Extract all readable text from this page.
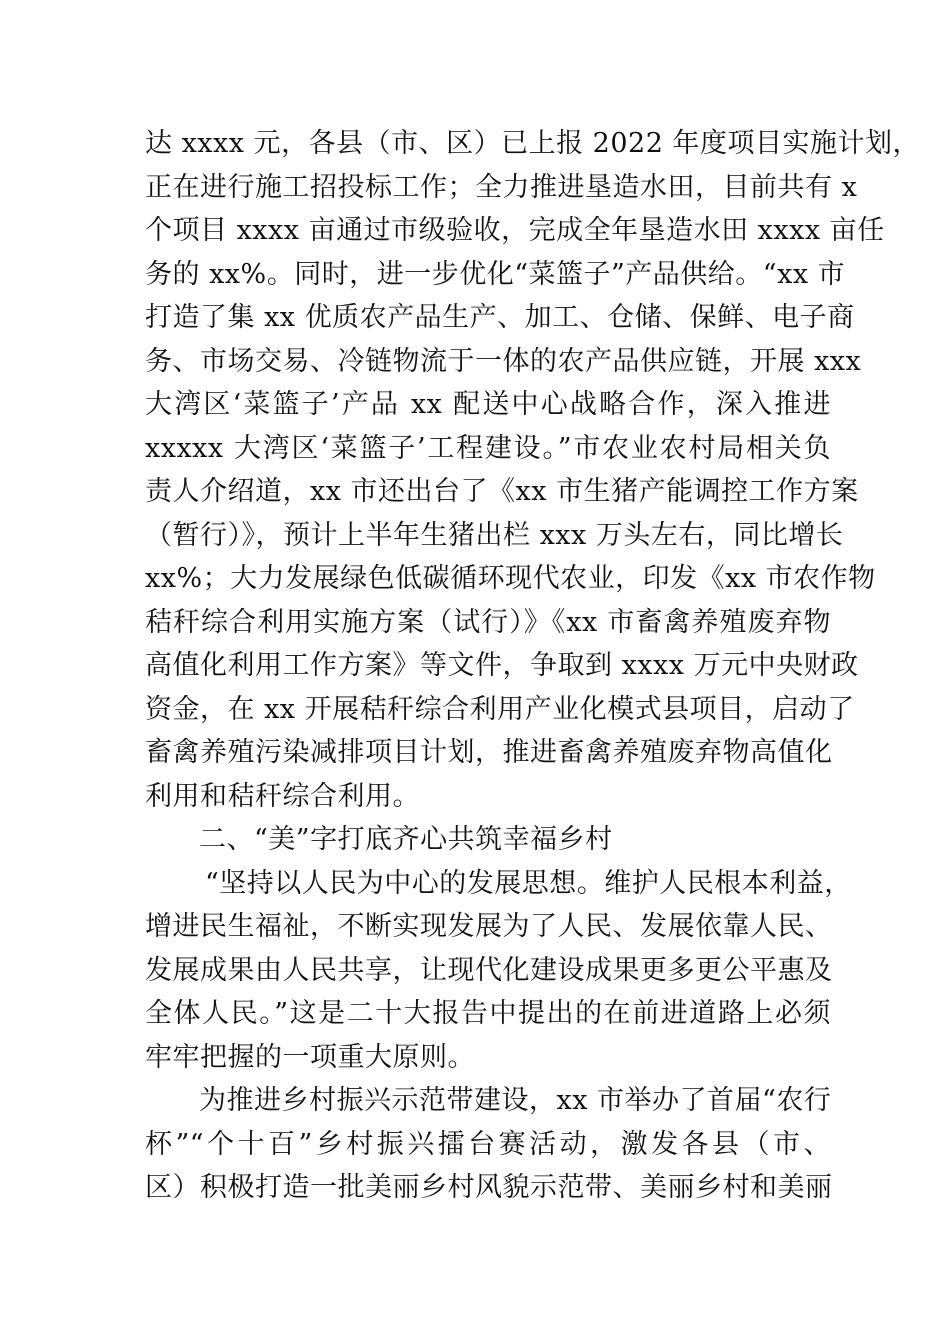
达 xxxx 元，各县（市、区）已上报 2022 年度项目实施计划，
正在进行施工招投标工作；全力推进垦造水田，目前共有 x
个项目 xxxx 亩通过市级验收，完成全年垦造水田 xxxx 亩任
务的 xx%。同时，进一步优化“菜篮子”产品供给。“xx 市
打造了集 xx 优质农产品生产、加工、仓储、保鲜、电子商
务、市场交易、冷链物流于一体的农产品供应链，开展 xxx
大湾区‘菜篮子’产品 xx 配送中心战略合作，深入推进
xxxxx 大湾区‘菜篮子’工程建设。”市农业农村局相关负
责人介绍道，xx 市还出台了《xx 市生猪产能调控工作方案
（暂行）》，预计上半年生猪出栏 xxx 万头左右，同比增长
xx%；大力发展绿色低碳循环现代农业，印发《xx 市农作物
秸秆综合利用实施方案（试行）》《xx 市畜禽养殖废弃物
高值化利用工作方案》等文件，争取到 xxxx 万元中央财政
资金，在 xx 开展秸秆综合利用产业化模式县项目，启动了
畜禽养殖污染减排项目计划，推进畜禽养殖废弃物高值化
利用和秸秆综合利用。
二、“美”字打底齐心共筑幸福乡村
“坚持以人民为中心的发展思想。维护人民根本利益，
增进民生福祉，不断实现发展为了人民、发展依靠人民、
发展成果由人民共享，让现代化建设成果更多更公平惠及
全体人民。”这是二十大报告中提出的在前进道路上必须
牢牢把握的一项重大原则。
为推进乡村振兴示范带建设，xx 市举办了首届“农行
杯”“个十百”乡村振兴擂台赛活动，激发各县（市、
区）积极打造一批美丽乡村风貌示范带、美丽乡村和美丽
